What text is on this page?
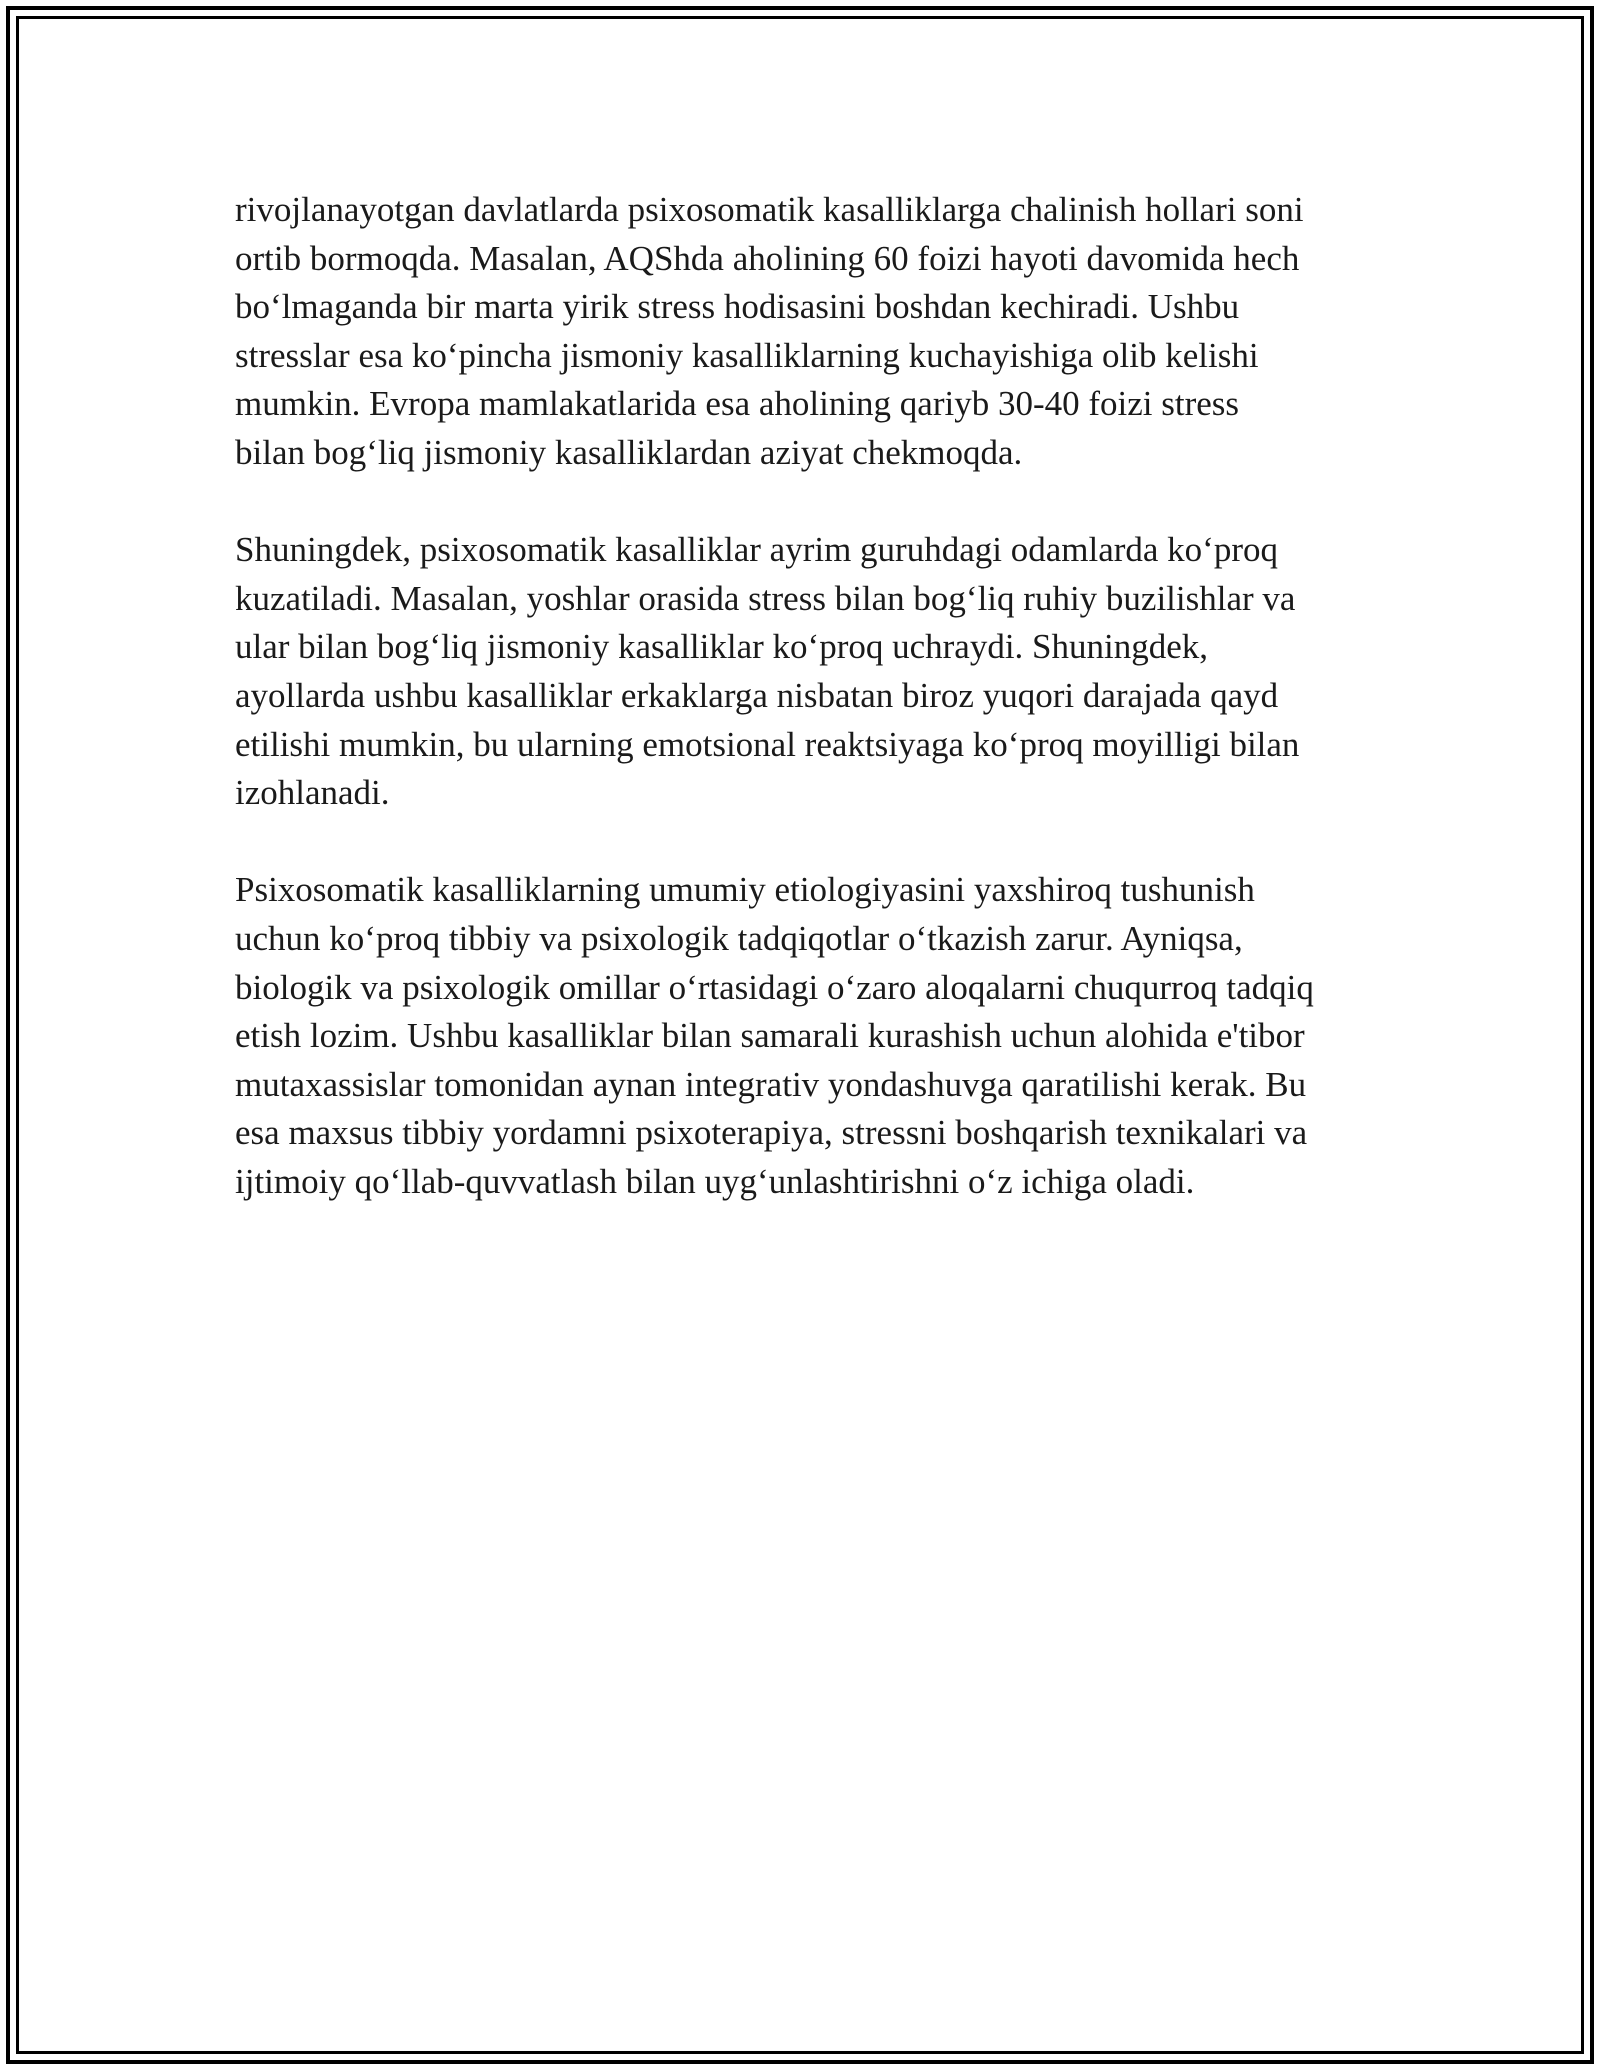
rivojlanayotgan davlatlarda psixosomatik kasalliklarga chalinish hollari soni
ortib bormoqda. Masalan, AQShda aholining 60 foizi hayoti davomida hech
bo‘lmaganda bir marta yirik stress hodisasini boshdan kechiradi. Ushbu
stresslar esa ko‘pincha jismoniy kasalliklarning kuchayishiga olib kelishi
mumkin. Evropa mamlakatlarida esa aholining qariyb 30-40 foizi stress
bilan bog‘liq jismoniy kasalliklardan aziyat chekmoqda.

Shuningdek, psixosomatik kasalliklar ayrim guruhdagi odamlarda ko‘proq
kuzatiladi. Masalan, yoshlar orasida stress bilan bog‘liq ruhiy buzilishlar va
ular bilan bog‘liq jismoniy kasalliklar ko‘proq uchraydi. Shuningdek,
ayollarda ushbu kasalliklar erkaklarga nisbatan biroz yuqori darajada qayd
etilishi mumkin, bu ularning emotsional reaktsiyaga ko‘proq moyilligi bilan
izohlanadi.

Psixosomatik kasalliklarning umumiy etiologiyasini yaxshiroq tushunish
uchun ko‘proq tibbiy va psixologik tadqiqotlar o‘tkazish zarur. Ayniqsa,
biologik va psixologik omillar o‘rtasidagi o‘zaro aloqalarni chuqurroq tadqiq
etish lozim. Ushbu kasalliklar bilan samarali kurashish uchun alohida e'tibor
mutaxassislar tomonidan aynan integrativ yondashuvga qaratilishi kerak. Bu
esa maxsus tibbiy yordamni psixoterapiya, stressni boshqarish texnikalari va
ijtimoiy qo‘llab-quvvatlash bilan uyg‘unlashtirishni o‘z ichiga oladi.
